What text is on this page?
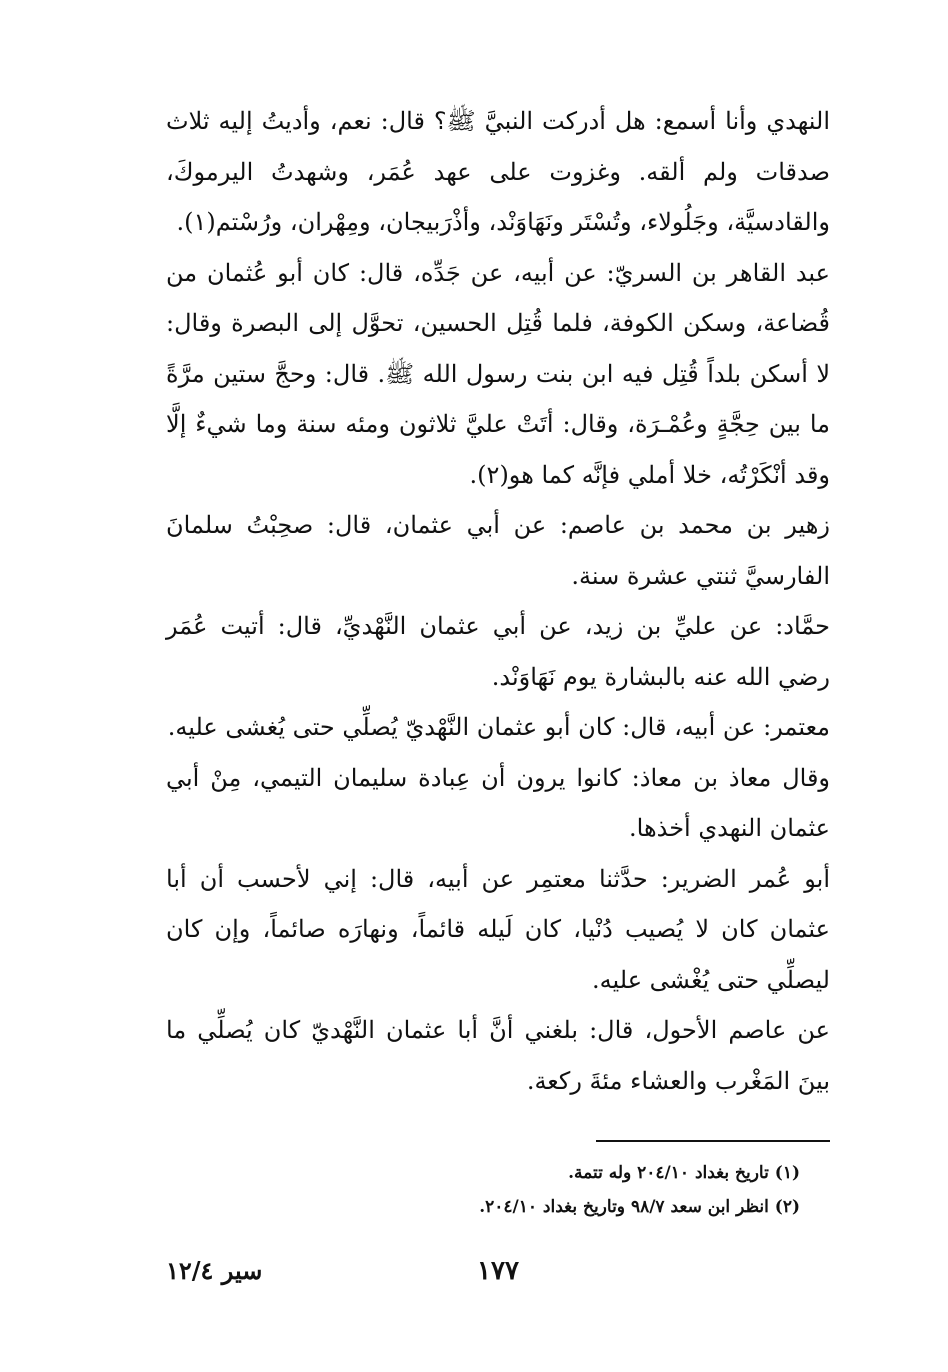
النهدي وأنا أسمع: هل أدركت النبيَّ ﷺ؟ قال: نعم، وأديتُ إليه ثلاث صدقات ولم ألقه. وغزوت على عهد عُمَر، وشهدتُ اليرموكَ، والقادسيَّة، وجَلُولاء، وتُسْتَر ونَهَاوَنْد، وأذْرَبيجان، ومِهْران، ورُسْتم(١).

عبد القاهر بن السريّ: عن أبيه، عن جَدِّه، قال: كان أبو عُثمان من قُضاعة، وسكن الكوفة، فلما قُتِل الحسين، تحوَّل إلى البصرة وقال: لا أسكن بلداً قُتِل فيه ابن بنت رسول الله ﷺ. قال: وحجَّ ستين مرَّةً ما بين حِجَّةٍ وعُمْـرَة، وقال: أتَتْ عليَّ ثلاثون ومئه سنة وما شيءٌ إلَّا وقد أنْكَرْتُه، خلا أملي فإنَّه كما هو(٢).

زهير بن محمد بن عاصم: عن أبي عثمان، قال: صحِبْتُ سلمانَ الفارسيَّ ثنتي عشرة سنة.

حمَّاد: عن عليِّ بن زيد، عن أبي عثمان النَّهْديِّ، قال: أتيت عُمَر رضي الله عنه بالبشارة يوم نَهَاوَنْد.

معتمر: عن أبيه، قال: كان أبو عثمان النَّهْديّ يُصلِّي حتى يُغشى عليه.

وقال معاذ بن معاذ: كانوا يرون أن عِبادة سليمان التيمي، مِنْ أبي عثمان النهدي أخذها.

أبو عُمر الضرير: حدَّثنا معتمِر عن أبيه، قال: إني لأحسب أن أبا عثمان كان لا يُصيب دُنْيا، كان لَيله قائماً، ونهارَه صائماً، وإن كان ليصلِّي حتى يُغْشى عليه.

عن عاصم الأحول، قال: بلغني أنَّ أبا عثمان النَّهْديّ كان يُصلِّي ما بينَ المَغْرب والعشاء مئةَ ركعة.

(١) تاريخ بغداد ٢٠٤/١٠ وله تتمة.

(٢) انظر ابن سعد ٩٨/٧ وتاريخ بغداد ٢٠٤/١٠.

١٧٧
سير ١٢/٤
